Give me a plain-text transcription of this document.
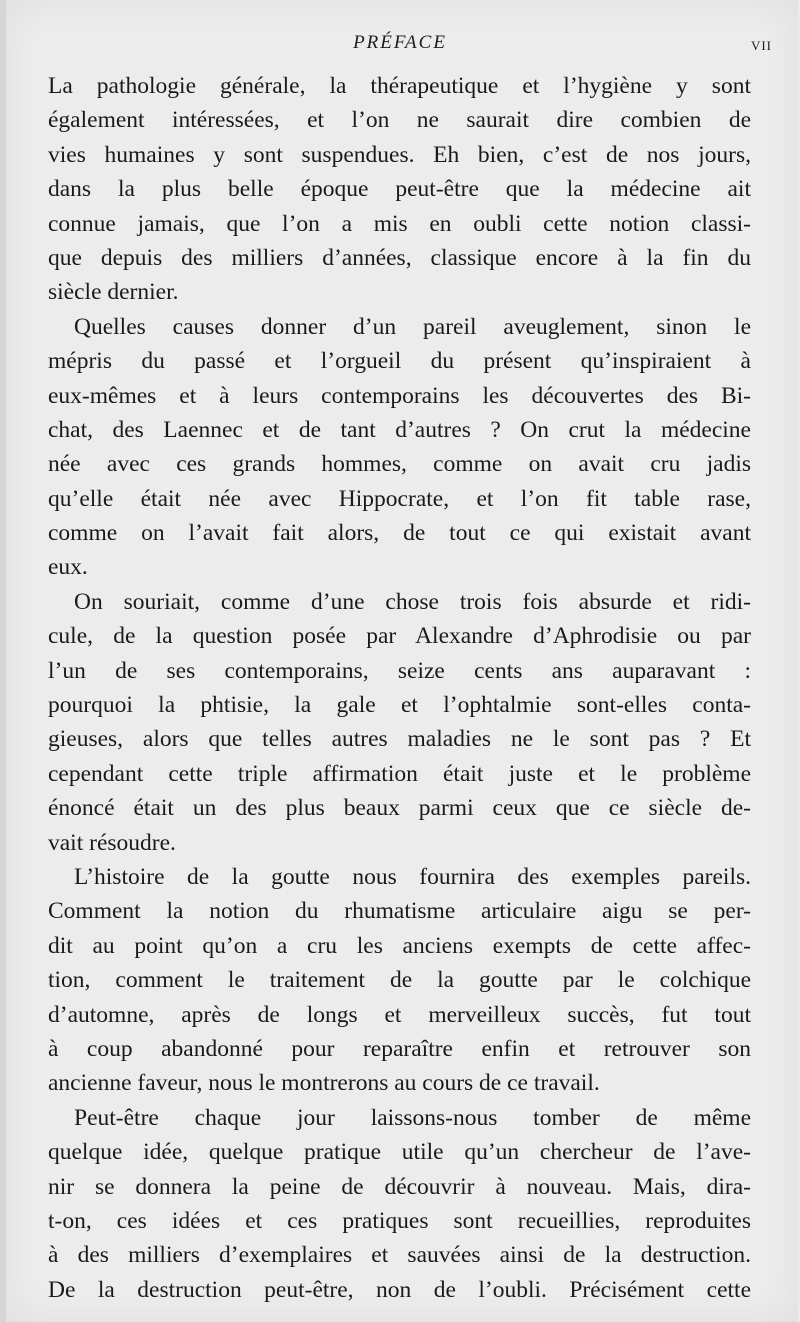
PRÉFACE	VII
La pathologie générale, la thérapeutique et l’hygiène y sont
également intéressées, et l’on ne saurait dire combien de
vies humaines y sont suspendues. Eh bien, c’est de nos jours,
dans la plus belle époque peut-être que la médecine ait
connue jamais, que l’on a mis en oubli cette notion classi-
que depuis des milliers d’années, classique encore à la fin du
siècle dernier.
Quelles causes donner d’un pareil aveuglement, sinon le
mépris du passé et l’orgueil du présent qu’inspiraient à
eux-mêmes et à leurs contemporains les découvertes des Bi-
chat, des Laennec et de tant d’autres ? On crut la médecine
née avec ces grands hommes, comme on avait cru jadis
qu’elle était née avec Hippocrate, et l’on fit table rase,
comme on l’avait fait alors, de tout ce qui existait avant
eux.
On souriait, comme d’une chose trois fois absurde et ridi-
cule, de la question posée par Alexandre d’Aphrodisie ou par
l’un de ses contemporains, seize cents ans auparavant :
pourquoi la phtisie, la gale et l’ophtalmie sont-elles conta-
gieuses, alors que telles autres maladies ne le sont pas ? Et
cependant cette triple affirmation était juste et le problème
énoncé était un des plus beaux parmi ceux que ce siècle de-
vait résoudre.
L’histoire de la goutte nous fournira des exemples pareils.
Comment la notion du rhumatisme articulaire aigu se per-
dit au point qu’on a cru les anciens exempts de cette affec-
tion, comment le traitement de la goutte par le colchique
d’automne, après de longs et merveilleux succès, fut tout
à coup abandonné pour reparaître enfin et retrouver son
ancienne faveur, nous le montrerons au cours de ce travail.
Peut-être chaque jour laissons-nous tomber de même
quelque idée, quelque pratique utile qu’un chercheur de l’ave-
nir se donnera la peine de découvrir à nouveau. Mais, dira-
t-on, ces idées et ces pratiques sont recueillies, reproduites
à des milliers d’exemplaires et sauvées ainsi de la destruction.
De la destruction peut-être, non de l’oubli. Précisément cette
